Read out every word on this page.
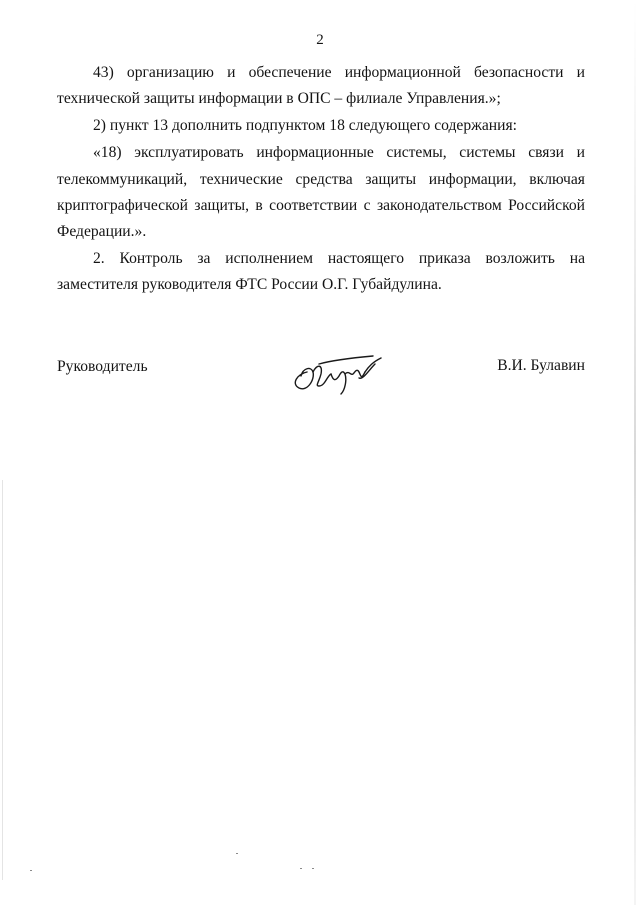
2

43) организацию и обеспечение информационной безопасности и технической защиты информации в ОПС – филиале Управления.»;

2) пункт 13 дополнить подпунктом 18 следующего содержания:

«18) эксплуатировать информационные системы, системы связи и телекоммуникаций, технические средства защиты информации, включая криптографической защиты, в соответствии с законодательством Российской Федерации.».

2. Контроль за исполнением настоящего приказа возложить на заместителя руководителя ФТС России О.Г. Губайдулина.

Руководитель	В.И. Булавин
